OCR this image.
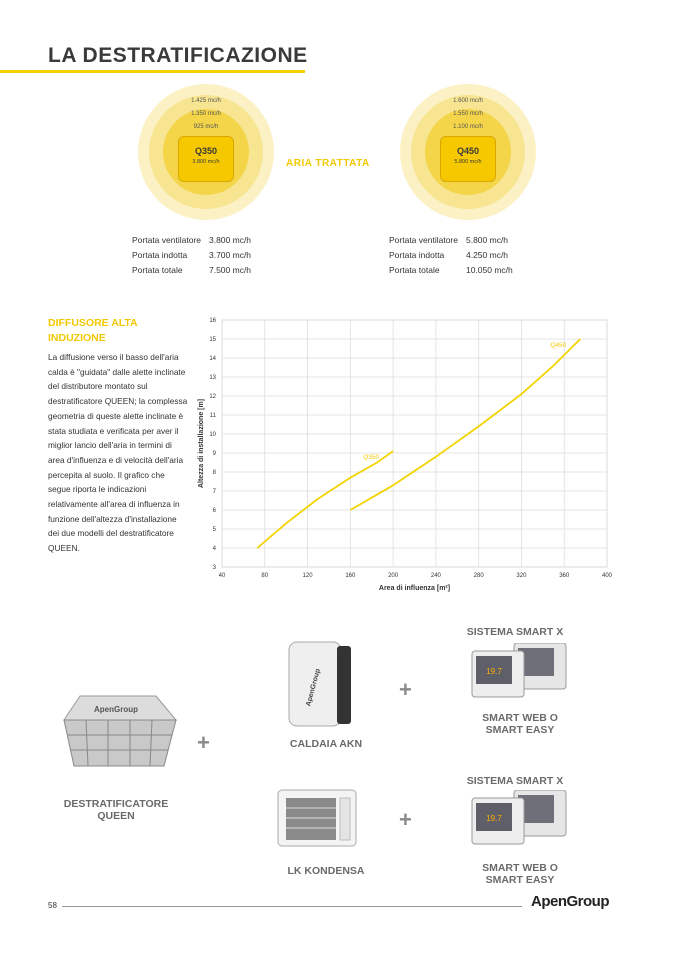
LA DESTRATIFICAZIONE
1.425 mc/h
1.350 mc/h
925 mc/h
Q350
3.800 mc/h	ARIA TRATTATA
1.600 mc/h
1.550 mc/h
1.100 mc/h
Q450
5.800 mc/h
Portata ventilatore	3.800 mc/h
Portata indotta	3.700 mc/h
Portata totale	7.500 mc/h
Portata ventilatore	5.800 mc/h
Portata indotta	4.250 mc/h
Portata totale	10.050 mc/h
DIFFUSORE ALTA INDUZIONE
La diffusione verso il basso dell'aria calda è "guidata" dalle alette inclinate del distributore montato sul destratificatore QUEEN; la complessa geometria di queste alette inclinate è stata studiata e verificata per aver il miglior lancio dell'aria in termini di area d'influenza e di velocità dell'aria percepita al suolo. Il grafico che segue riporta le indicazioni relativamente all'area di influenza in funzione dell'altezza d'installazione dei due modelli del destratificatore QUEEN.
40	80	120	160	200	240	280	320	360	400
3
4
5
6
7
8
9
10
11
12
13
14
15
16
Area di influenza [m²]
Altezza di installazione [m]	Q350
Q450
ApenGroup
DESTRATIFICATORE QUEEN
+
ApenGroup
CALDAIA AKN
+
SISTEMA SMART X
19.7
SMART WEB O SMART EASY
LK KONDENSA
+
SISTEMA SMART X
19.7
SMART WEB O SMART EASY
58	ApenGroup
